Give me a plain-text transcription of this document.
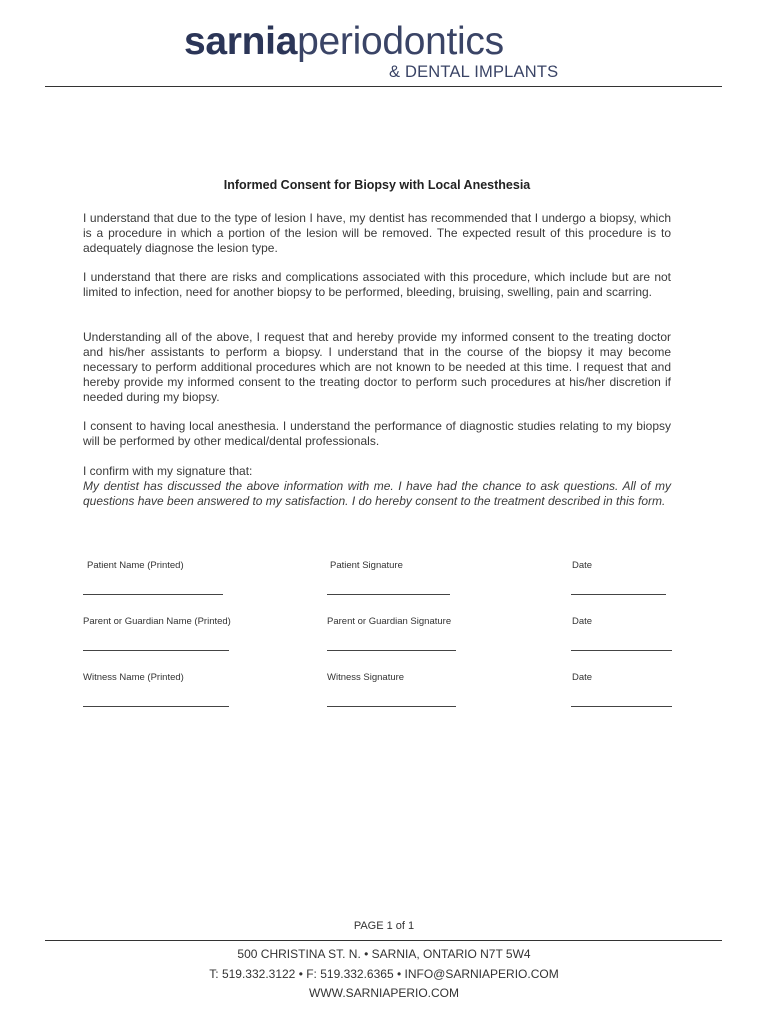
sarniaperiodontics
& DENTAL IMPLANTS
Informed Consent for Biopsy with Local Anesthesia

I understand that due to the type of lesion I have, my dentist has recommended that I undergo a biopsy, which is a procedure in which a portion of the lesion will be removed. The expected result of this procedure is to adequately diagnose the lesion type.

I understand that there are risks and complications associated with this procedure, which include but are not limited to infection, need for another biopsy to be performed, bleeding, bruising, swelling, pain and scarring.

Understanding all of the above, I request that and hereby provide my informed consent to the treating doctor and his/her assistants to perform a biopsy. I understand that in the course of the biopsy it may become necessary to perform additional procedures which are not known to be needed at this time. I request that and hereby provide my informed consent to the treating doctor to perform such procedures at his/her discretion if needed during my biopsy.

I consent to having local anesthesia. I understand the performance of diagnostic studies relating to my biopsy will be performed by other medical/dental professionals.

I confirm with my signature that:

My dentist has discussed the above information with me. I have had the chance to ask questions. All of my questions have been answered to my satisfaction. I do hereby consent to the treatment described in this form.

Patient Name (Printed)	Patient Signature	Date

Parent or Guardian Name (Printed)	Parent or Guardian Signature	Date

Witness Name (Printed)	Witness Signature	Date

PAGE 1 of 1

500 CHRISTINA ST. N. • SARNIA, ONTARIO N7T 5W4

T: 519.332.3122 • F: 519.332.6365 • INFO@SARNIAPERIO.COM

WWW.SARNIAPERIO.COM
